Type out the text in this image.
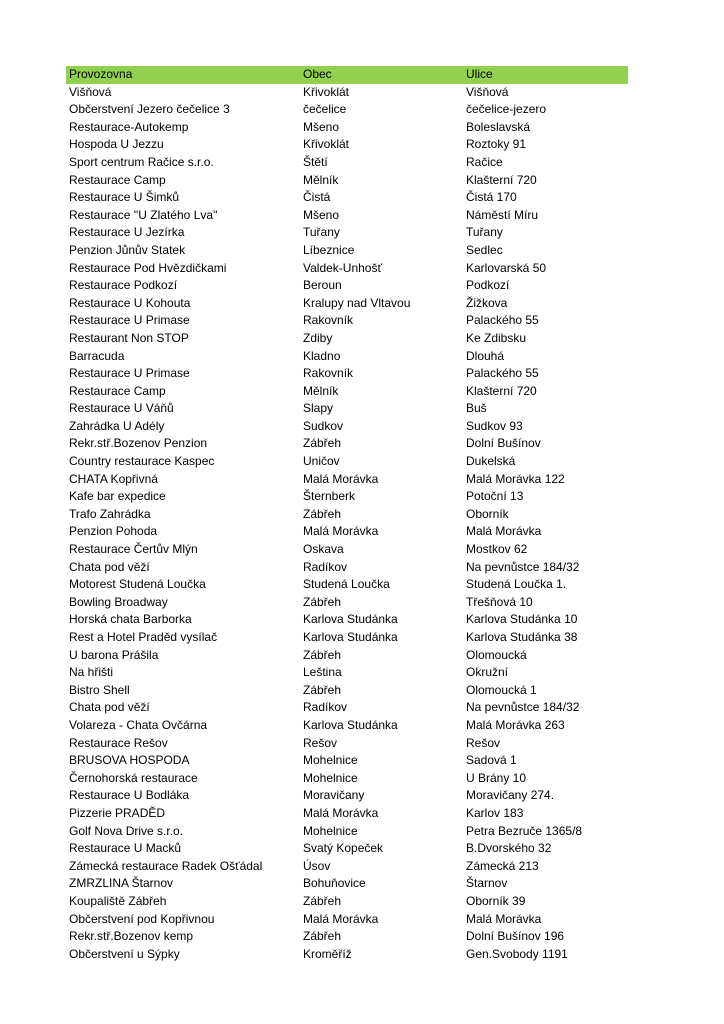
Provozovna	Obec	Ulice
Višňová	Křivoklát	Višňová
Občerstvení Jezero čečelice 3	čečelice	čečelice-jezero
Restaurace-Autokemp	Mšeno	Boleslavská
Hospoda U Jezzu	Křivoklát	Roztoky 91
Sport centrum Račice s.r.o.	Štětí	Račice
Restaurace Camp	Mělník	Klašterní 720
Restaurace U Šimků	Čistá	Čistá 170
Restaurace ''U Zlatého Lva''	Mšeno	Náměstí Míru
Restaurace U Jezírka	Tuřany	Tuřany
Penzion Jůnův Statek	Líbeznice	Sedlec
Restaurace Pod Hvězdičkami	Valdek-Unhošť	Karlovarská 50
Restaurace Podkozí	Beroun	Podkozí
Restaurace U Kohouta	Kralupy nad Vltavou	Žižkova
Restaurace U Primase	Rakovník	Palackého 55
Restaurant Non STOP	Zdiby	Ke Zdibsku
Barracuda	Kladno	Dlouhá
Restaurace U Primase	Rakovník	Palackého 55
Restaurace Camp	Mělník	Klašterní 720
Restaurace U Váňů	Slapy	Buš
Zahrádka U Adély	Sudkov	Sudkov 93
Rekr.stř.Bozenov Penzion	Zábřeh	Dolní Bušínov
Country restaurace Kaspec	Uničov	Dukelská
CHATA Kopřivná	Malá Morávka	Malá Morávka 122
Kafe bar expedice	Šternberk	Potoční 13
Trafo Zahrádka	Zábřeh	Oborník
Penzion Pohoda	Malá Morávka	Malá Morávka
Restaurace Čertův Mlýn	Oskava	Mostkov 62
Chata pod věží	Radíkov	Na pevnůstce 184/32
Motorest Studená Loučka	Studená Loučka	Studená Loučka 1.
Bowling Broadway	Zábřeh	Třešňová 10
Horská chata Barborka	Karlova Studánka	Karlova Studánka 10
Rest a Hotel Praděd vysílač	Karlova Studánka	Karlova Studánka 38
U barona Prášila	Zábřeh	Olomoucká
Na hřišti	Leština	Okružní
Bistro Shell	Zábřeh	Olomoucká 1
Chata pod věží	Radíkov	Na pevnůstce 184/32
Volareza - Chata Ovčárna	Karlova Studánka	Malá Morávka 263
Restaurace Rešov	Rešov	Rešov
BRUSOVA HOSPODA	Mohelnice	Sadová 1
Černohorská restaurace	Mohelnice	U Brány 10
Restaurace U Bodláka	Moravičany	Moravičany 274.
Pizzerie PRADĚD	Malá Morávka	Karlov 183
Golf Nova Drive s.r.o.	Mohelnice	Petra Bezruče 1365/8
Restaurace U Macků	Svatý Kopeček	B.Dvorského 32
Zámecká restaurace Radek Ošťádal	Úsov	Zámecká 213
ZMRZLINA Štarnov	Bohuňovice	Štarnov
Koupaliště Zábřeh	Zábřeh	Oborník 39
Občerstvení pod Kopřivnou	Malá Morávka	Malá Morávka
Rekr.stř.Bozenov kemp	Zábřeh	Dolní Bušínov 196
Občerstvení u Sýpky	Kroměříž	Gen.Svobody 1191
